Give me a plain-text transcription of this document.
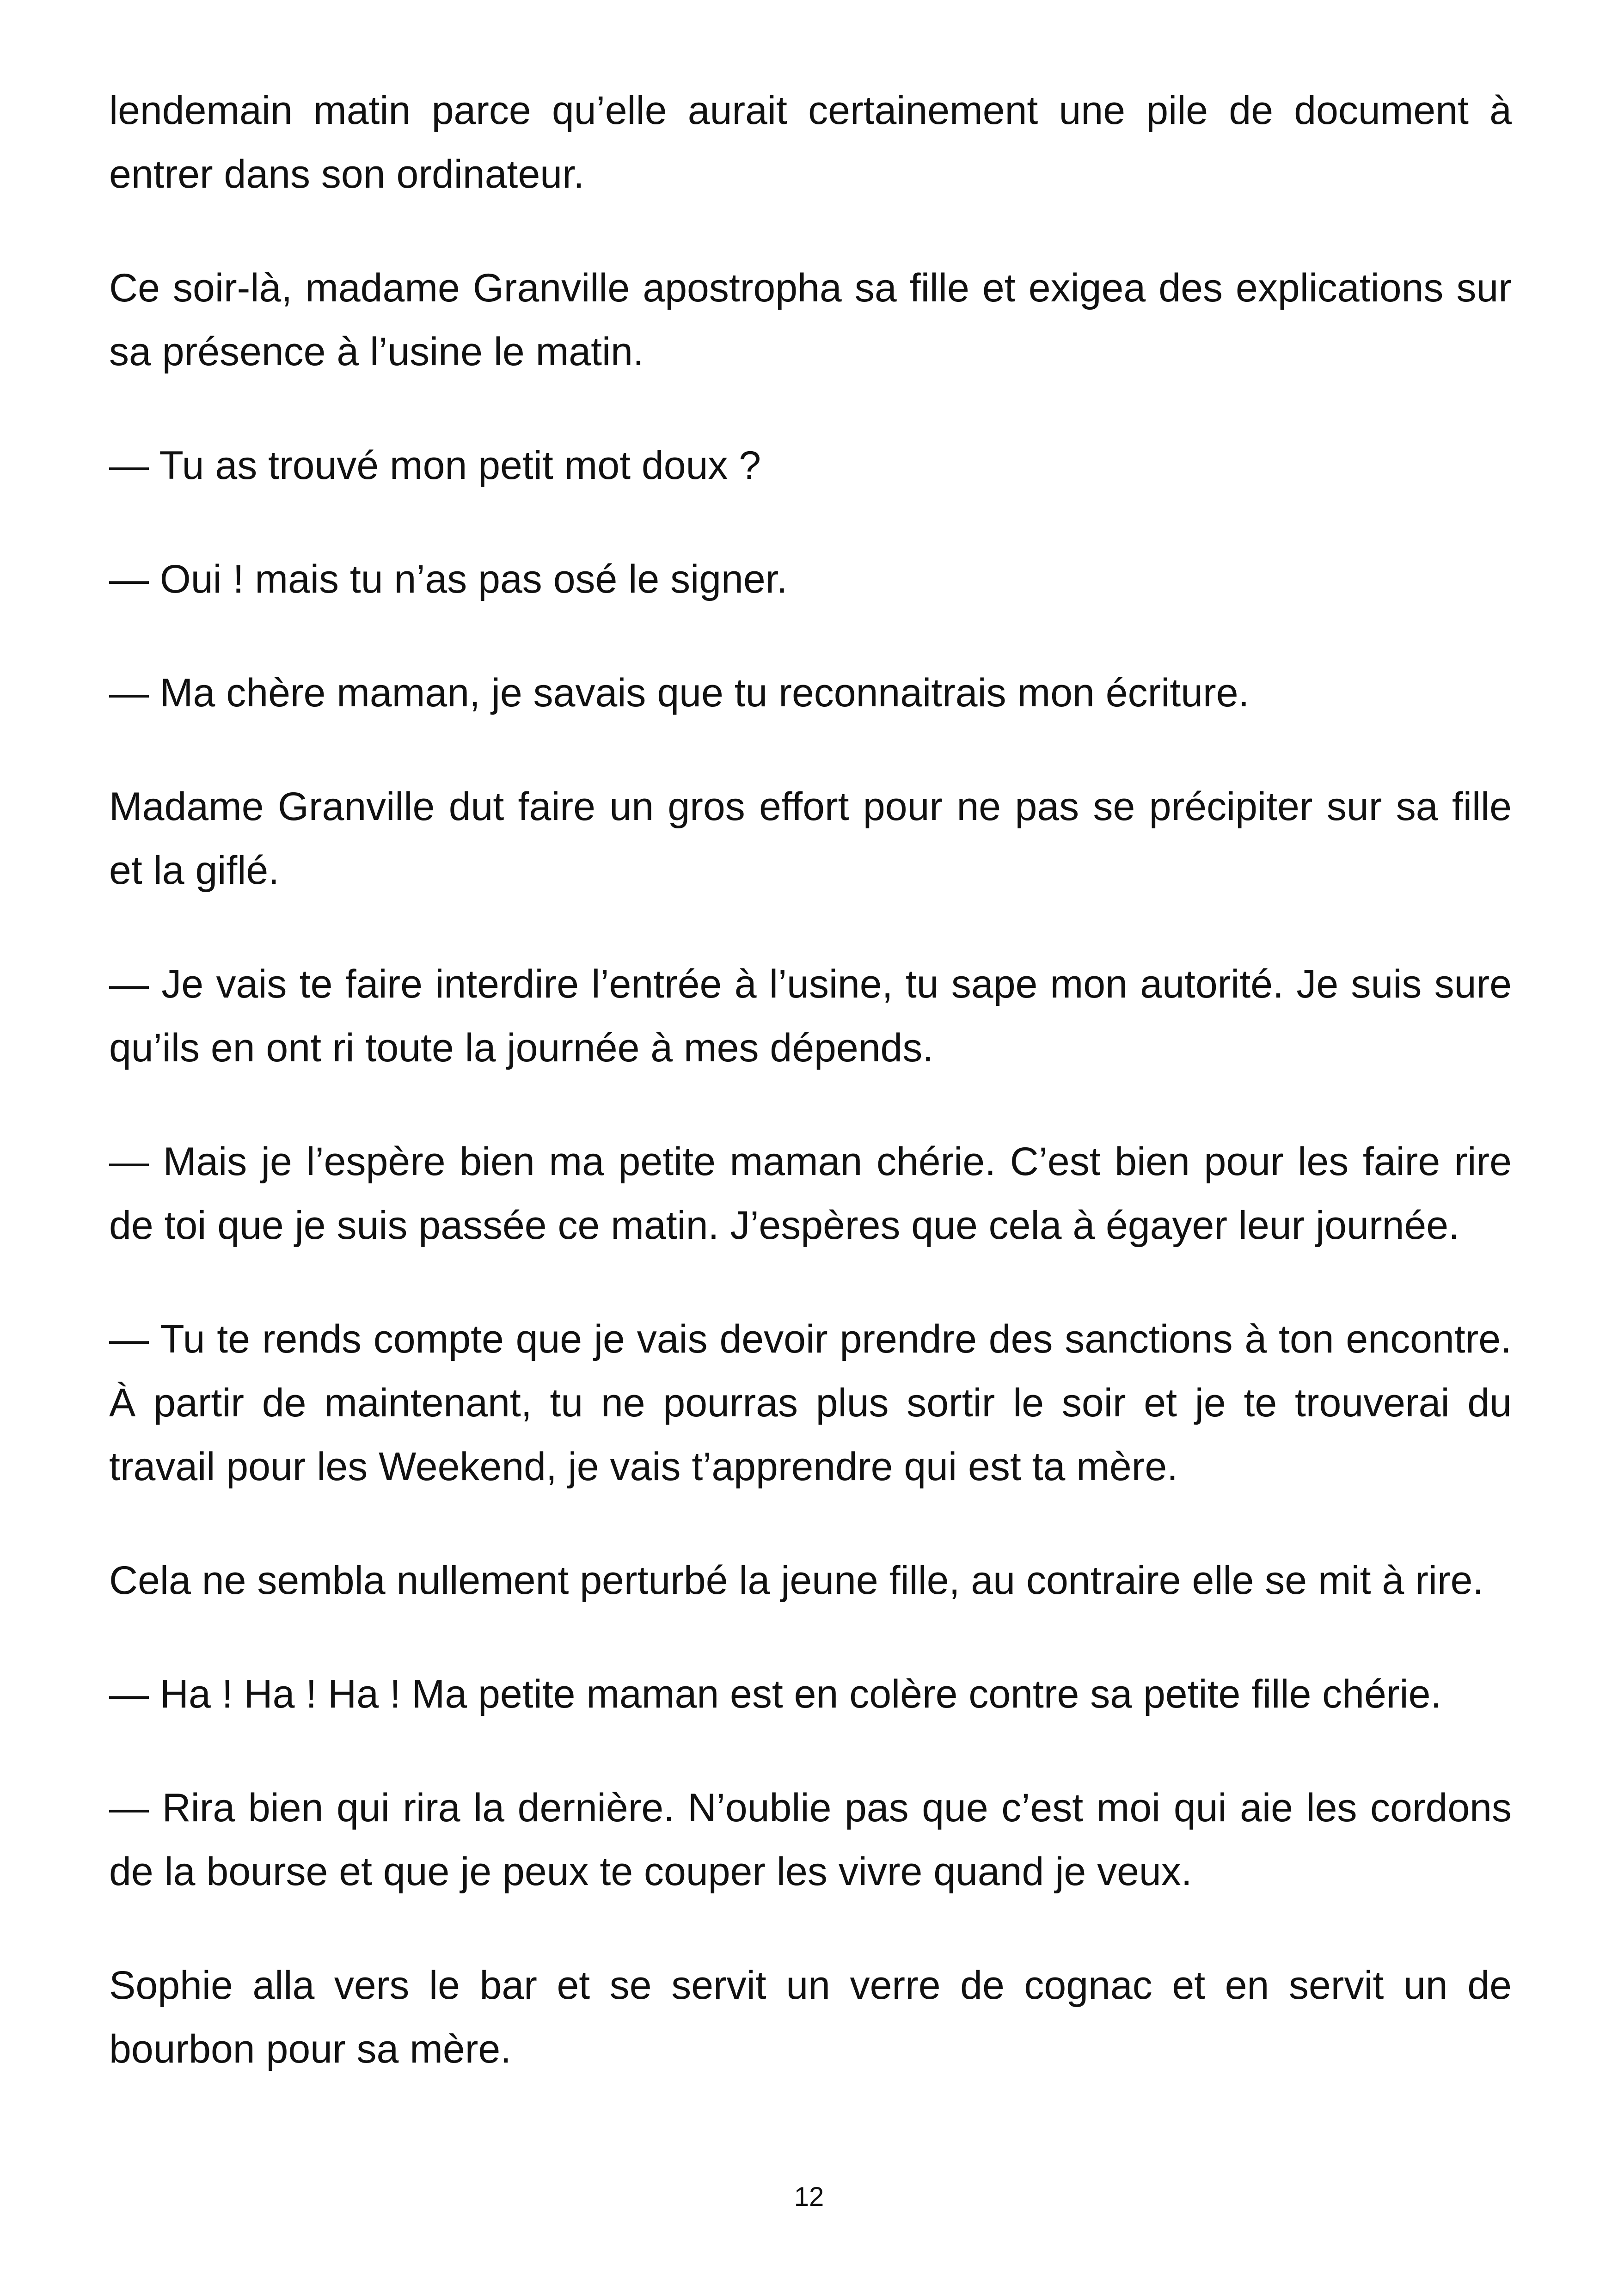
lendemain matin parce qu’elle aurait certainement une pile de document à entrer dans son ordinateur.

Ce soir-là, madame Granville apostropha sa fille et exigea des explications sur sa présence à l’usine le matin.

— Tu as trouvé mon petit mot doux ?

— Oui ! mais tu n’as pas osé le signer.

— Ma chère maman, je savais que tu reconnaitrais mon écriture.

Madame Granville dut faire un gros effort pour ne pas se précipiter sur sa fille et la giflé.

— Je vais te faire interdire l’entrée à l’usine, tu sape mon autorité. Je suis sure qu’ils en ont ri toute la journée à mes dépends.

— Mais je l’espère bien ma petite maman chérie. C’est bien pour les faire rire de toi que je suis passée ce matin. J’espères que cela à égayer leur journée.

— Tu te rends compte que je vais devoir prendre des sanctions à ton encontre. À partir de maintenant, tu ne pourras plus sortir le soir et je te trouverai du travail pour les Weekend, je vais t’apprendre qui est ta mère.

Cela ne sembla nullement perturbé la jeune fille, au contraire elle se mit à rire.

— Ha ! Ha ! Ha ! Ma petite maman est en colère contre sa petite fille chérie.

— Rira bien qui rira la dernière. N’oublie pas que c’est moi qui aie les cordons de la bourse et que je peux te couper les vivre quand je veux.

Sophie alla vers le bar et se servit un verre de cognac et en servit un de bourbon pour sa mère.

12
